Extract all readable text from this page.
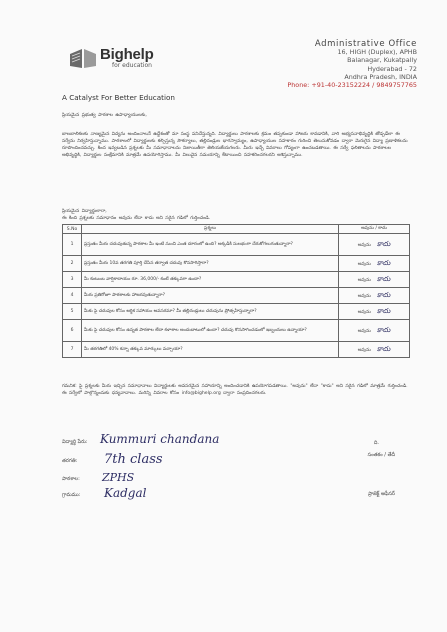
Bighelp
for education
A Catalyst For Better Education
Administrative Office
16, HIGH (Duplex), APHB
Balanagar, Kukatpally
Hyderabad - 72
Andhra Pradesh, INDIA
Phone: +91-40-23152224 / 9849757765
ప్రియమైన ప్రభుత్వ పాఠశాల ఉపాధ్యాయులకు,
బాలబాలికలకు నాణ్యమైన విద్యను అందించాలనే ఉద్దేశంతో మా సంస్థ పనిచేస్తున్నది. విద్యార్థులు పాఠశాలకు క్రమం తప్పకుండా హాజరు కావడానికి, వారి అభ్యసనాభివృద్ధికి తోడ్పడేలా ఈ సర్వేను నిర్వహిస్తున్నాము. పాఠశాలలో విద్యార్థులకు కల్పిస్తున్న సౌకర్యాలు, తల్లిదండ్రుల భాగస్వామ్యం, ఉపాధ్యాయుల సహకారం గురించి తెలుసుకోవడం ద్వారా మెరుగైన విద్యా ప్రణాళికలను రూపొందించవచ్చు. కింద ఇవ్వబడిన ప్రశ్నలకు మీ సమాధానాలను నిజాయితీగా తెలియజేయగలరు. మీరు ఇచ్చే వివరాలు గోప్యంగా ఉంచబడతాయి. ఈ సర్వే ఫలితాలను పాఠశాలల అభివృద్ధికి, విద్యార్థుల సంక్షేమానికి మాత్రమే ఉపయోగిస్తాము. మీ విలువైన సమయాన్ని కేటాయించి సహకరించగలరని ఆశిస్తున్నాము.
ప్రియమైన విద్యార్థులారా,
ఈ కింది ప్రశ్నలకు సమాధానం అవును లేదా కాదు అని సరైన గడిలో గుర్తించండి.
S.No	ప్రశ్నలు	అవును / కాదు
1	ప్రస్తుతం మీరు చదువుతున్న పాఠశాల మీ ఇంటి నుంచి ఎంత దూరంలో ఉంది? అక్కడికి సులభంగా చేరుకోగలుగుతున్నారా?	అవును కాదు
2	ప్రస్తుతం మీరు 10వ తరగతి పూర్తి చేసిన తర్వాత చదువు కొనసాగిస్తారా?	అవును కాదు
3	మీ కుటుంబ వార్షికాదాయం రూ. 36,000/- కంటే తక్కువగా ఉందా?	అవును కాదు
4	మీరు ప్రతిరోజూ పాఠశాలకు హాజరవుతున్నారా?	అవును కాదు
5	మీకు పై చదువుల కోసం ఆర్థిక సహాయం అవసరమా? మీ తల్లిదండ్రులు చదువును ప్రోత్సహిస్తున్నారా?	అవును కాదు
6	మీకు పై చదువుల కోసం ఉన్నత పాఠశాల లేదా కళాశాల అందుబాటులో ఉందా? చదువు కొనసాగించడంలో ఇబ్బందులు ఉన్నాయా?	అవును కాదు
7	మీ తరగతిలో 40% కన్నా తక్కువ మార్కులు వచ్చాయా?	అవును కాదు
గమనిక: పై ప్రశ్నలకు మీరు ఇచ్చిన సమాధానాలు విద్యార్థులకు అవసరమైన సహాయాన్ని అందించడానికి ఉపయోగపడతాయి. "అవును" లేదా "కాదు" అని సరైన గడిలో మాత్రమే గుర్తించండి. ఈ సర్వేలో పాల్గొన్నందుకు ధన్యవాదాలు. మరిన్ని వివరాల కోసం info@bighelp.org ద్వారా సంప్రదించగలరు.
విద్యార్థి పేరు: Kummuri chandana
తరగతి: 7th class
పాఠశాల: ZPHS
గ్రామము: Kadgal
ది.
సంతకం / తేదీ
ప్రాజెక్ట్ ఆఫీసర్
